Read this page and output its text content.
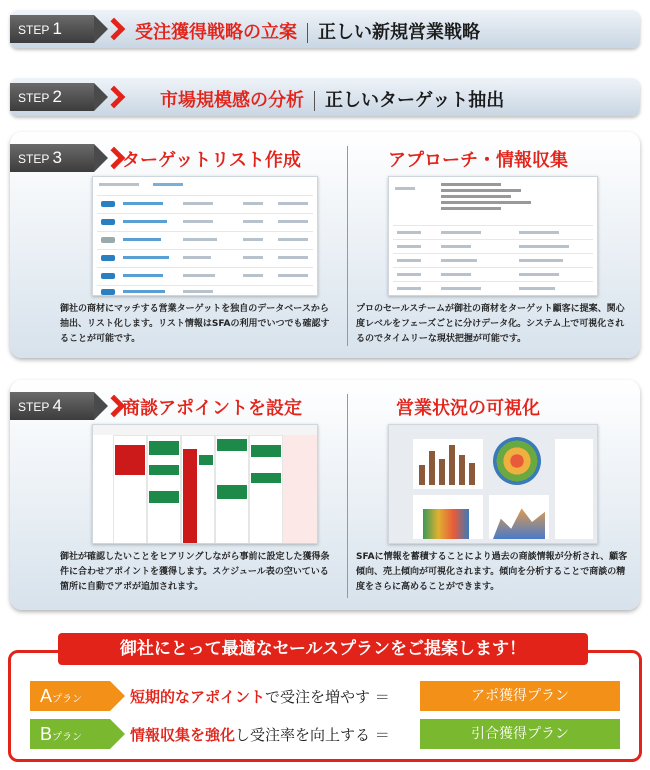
STEP 1	受注獲得戦略の立案 正しい新規営業戦略
STEP 2	市場規模感の分析 正しいターゲット抽出
STEP 3	ターゲットリスト作成	アプローチ・情報収集
御社の商材にマッチする営業ターゲットを独自のデータベースから抽出、リスト化します。リスト情報はSFAの利用でいつでも確認することが可能です。
プロのセールスチームが御社の商材をターゲット顧客に提案、関心度レベルをフェーズごとに分けデータ化。システム上で可視化されるのでタイムリーな現状把握が可能です。
STEP 4	商談アポイントを設定	営業状況の可視化
御社が確認したいことをヒアリングしながら事前に設定した獲得条件に合わせアポイントを獲得します。スケジュール表の空いている箇所に自動でアポが追加されます。
SFAに情報を蓄積することにより過去の商談情報が分析され、顧客傾向、売上傾向が可視化されます。傾向を分析することで商談の精度をさらに高めることができます。
御社にとって最適なセールスプランをご提案します！
Aプラン	短期的なアポイントで受注を増やす ＝	アポ獲得プラン
Bプラン	情報収集を強化し受注率を向上する ＝	引合獲得プラン
